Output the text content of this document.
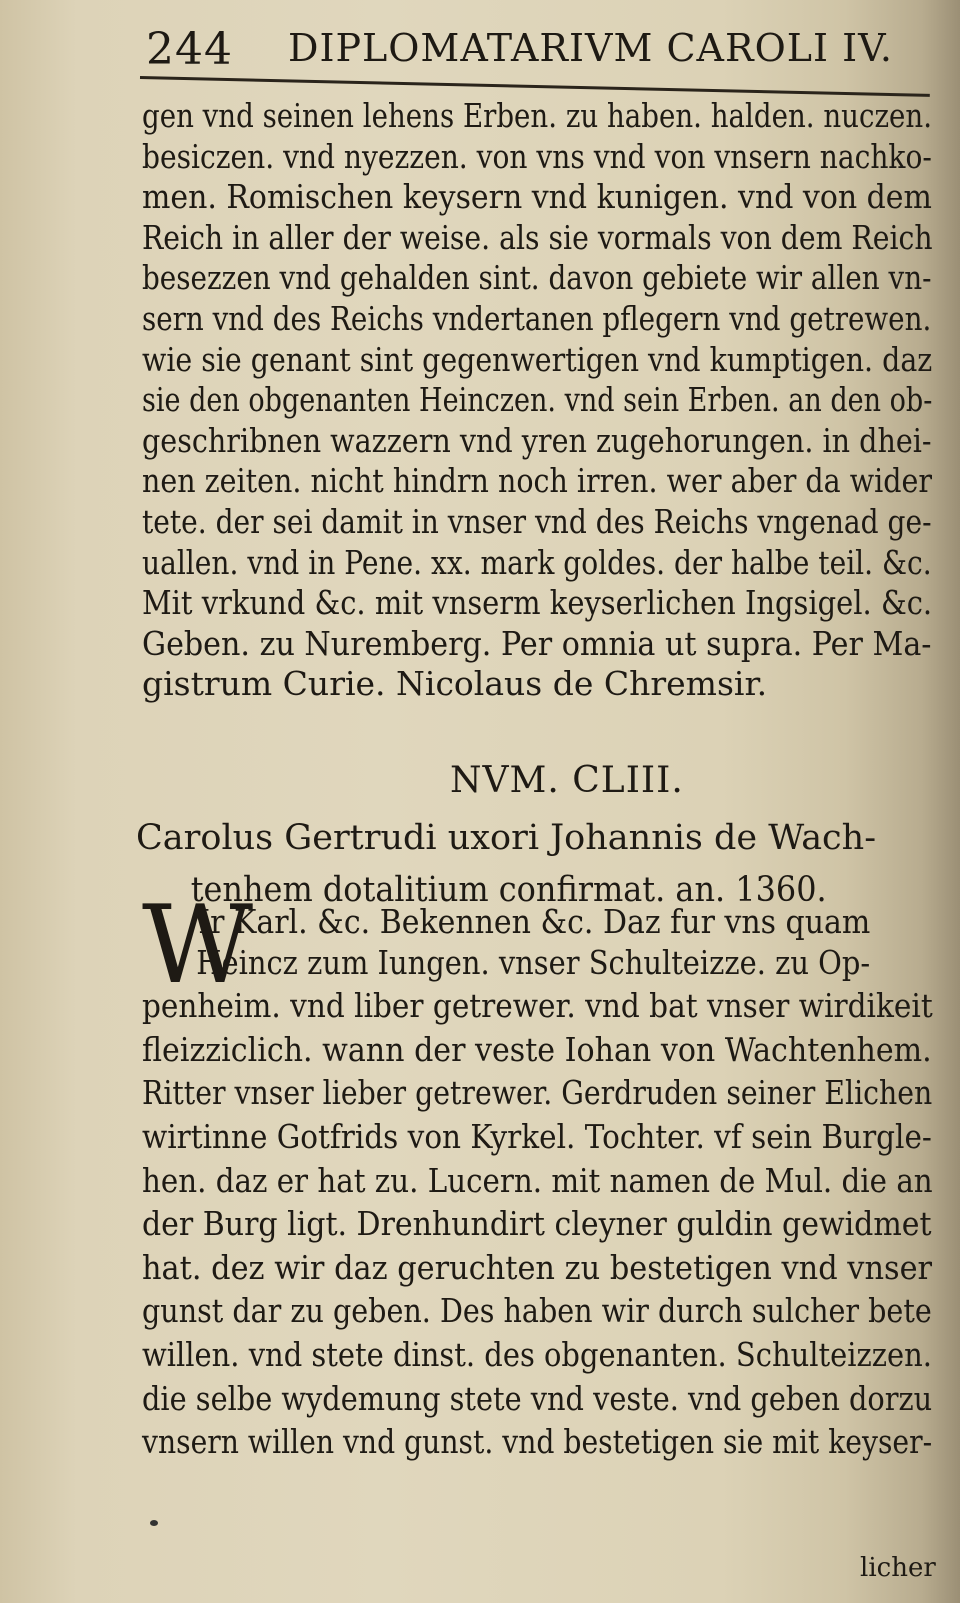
244 DIPLOMATARIVM CAROLI IV.
gen vnd seinen lehens Erben. zu haben. halden. nuczen.
besiczen. vnd nyezzen. von vns vnd von vnsern nachko-
men. Romischen keysern vnd kunigen. vnd von dem
Reich in aller der weise. als sie vormals von dem Reich
besezzen vnd gehalden sint. davon gebiete wir allen vn-
sern vnd des Reichs vndertanen pflegern vnd getrewen.
wie sie genant sint gegenwertigen vnd kumptigen. daz
sie den obgenanten Heinczen. vnd sein Erben. an den ob-
geschribnen wazzern vnd yren zugehorungen. in dhei-
nen zeiten. nicht hindrn noch irren. wer aber da wider
tete. der sei damit in vnser vnd des Reichs vngenad ge-
uallen. vnd in Pene. xx. mark goldes. der halbe teil. &c.
Mit vrkund &c. mit vnserm keyserlichen Ingsigel. &c.
Geben. zu Nuremberg. Per omnia ut supra. Per Ma-
gistrum Curie. Nicolaus de Chremsir.
NVM. CLIII.
Carolus Gertrudi uxori Johannis de Wach- tenhem dotalitium confirmat. an. 1360.
W
Ir Karl. &c. Bekennen &c. Daz fur vns quam
Heincz zum Iungen. vnser Schulteizze. zu Op-
penheim. vnd liber getrewer. vnd bat vnser wirdikeit
fleizziclich. wann der veste Iohan von Wachtenhem.
Ritter vnser lieber getrewer. Gerdruden seiner Elichen
wirtinne Gotfrids von Kyrkel. Tochter. vf sein Burgle-
hen. daz er hat zu. Lucern. mit namen de Mul. die an
der Burg ligt. Drenhundirt cleyner guldin gewidmet
hat. dez wir daz geruchten zu bestetigen vnd vnser
gunst dar zu geben. Des haben wir durch sulcher bete
willen. vnd stete dinst. des obgenanten. Schulteizzen.
die selbe wydemung stete vnd veste. vnd geben dorzu
vnsern willen vnd gunst. vnd bestetigen sie mit keyser-
licher
